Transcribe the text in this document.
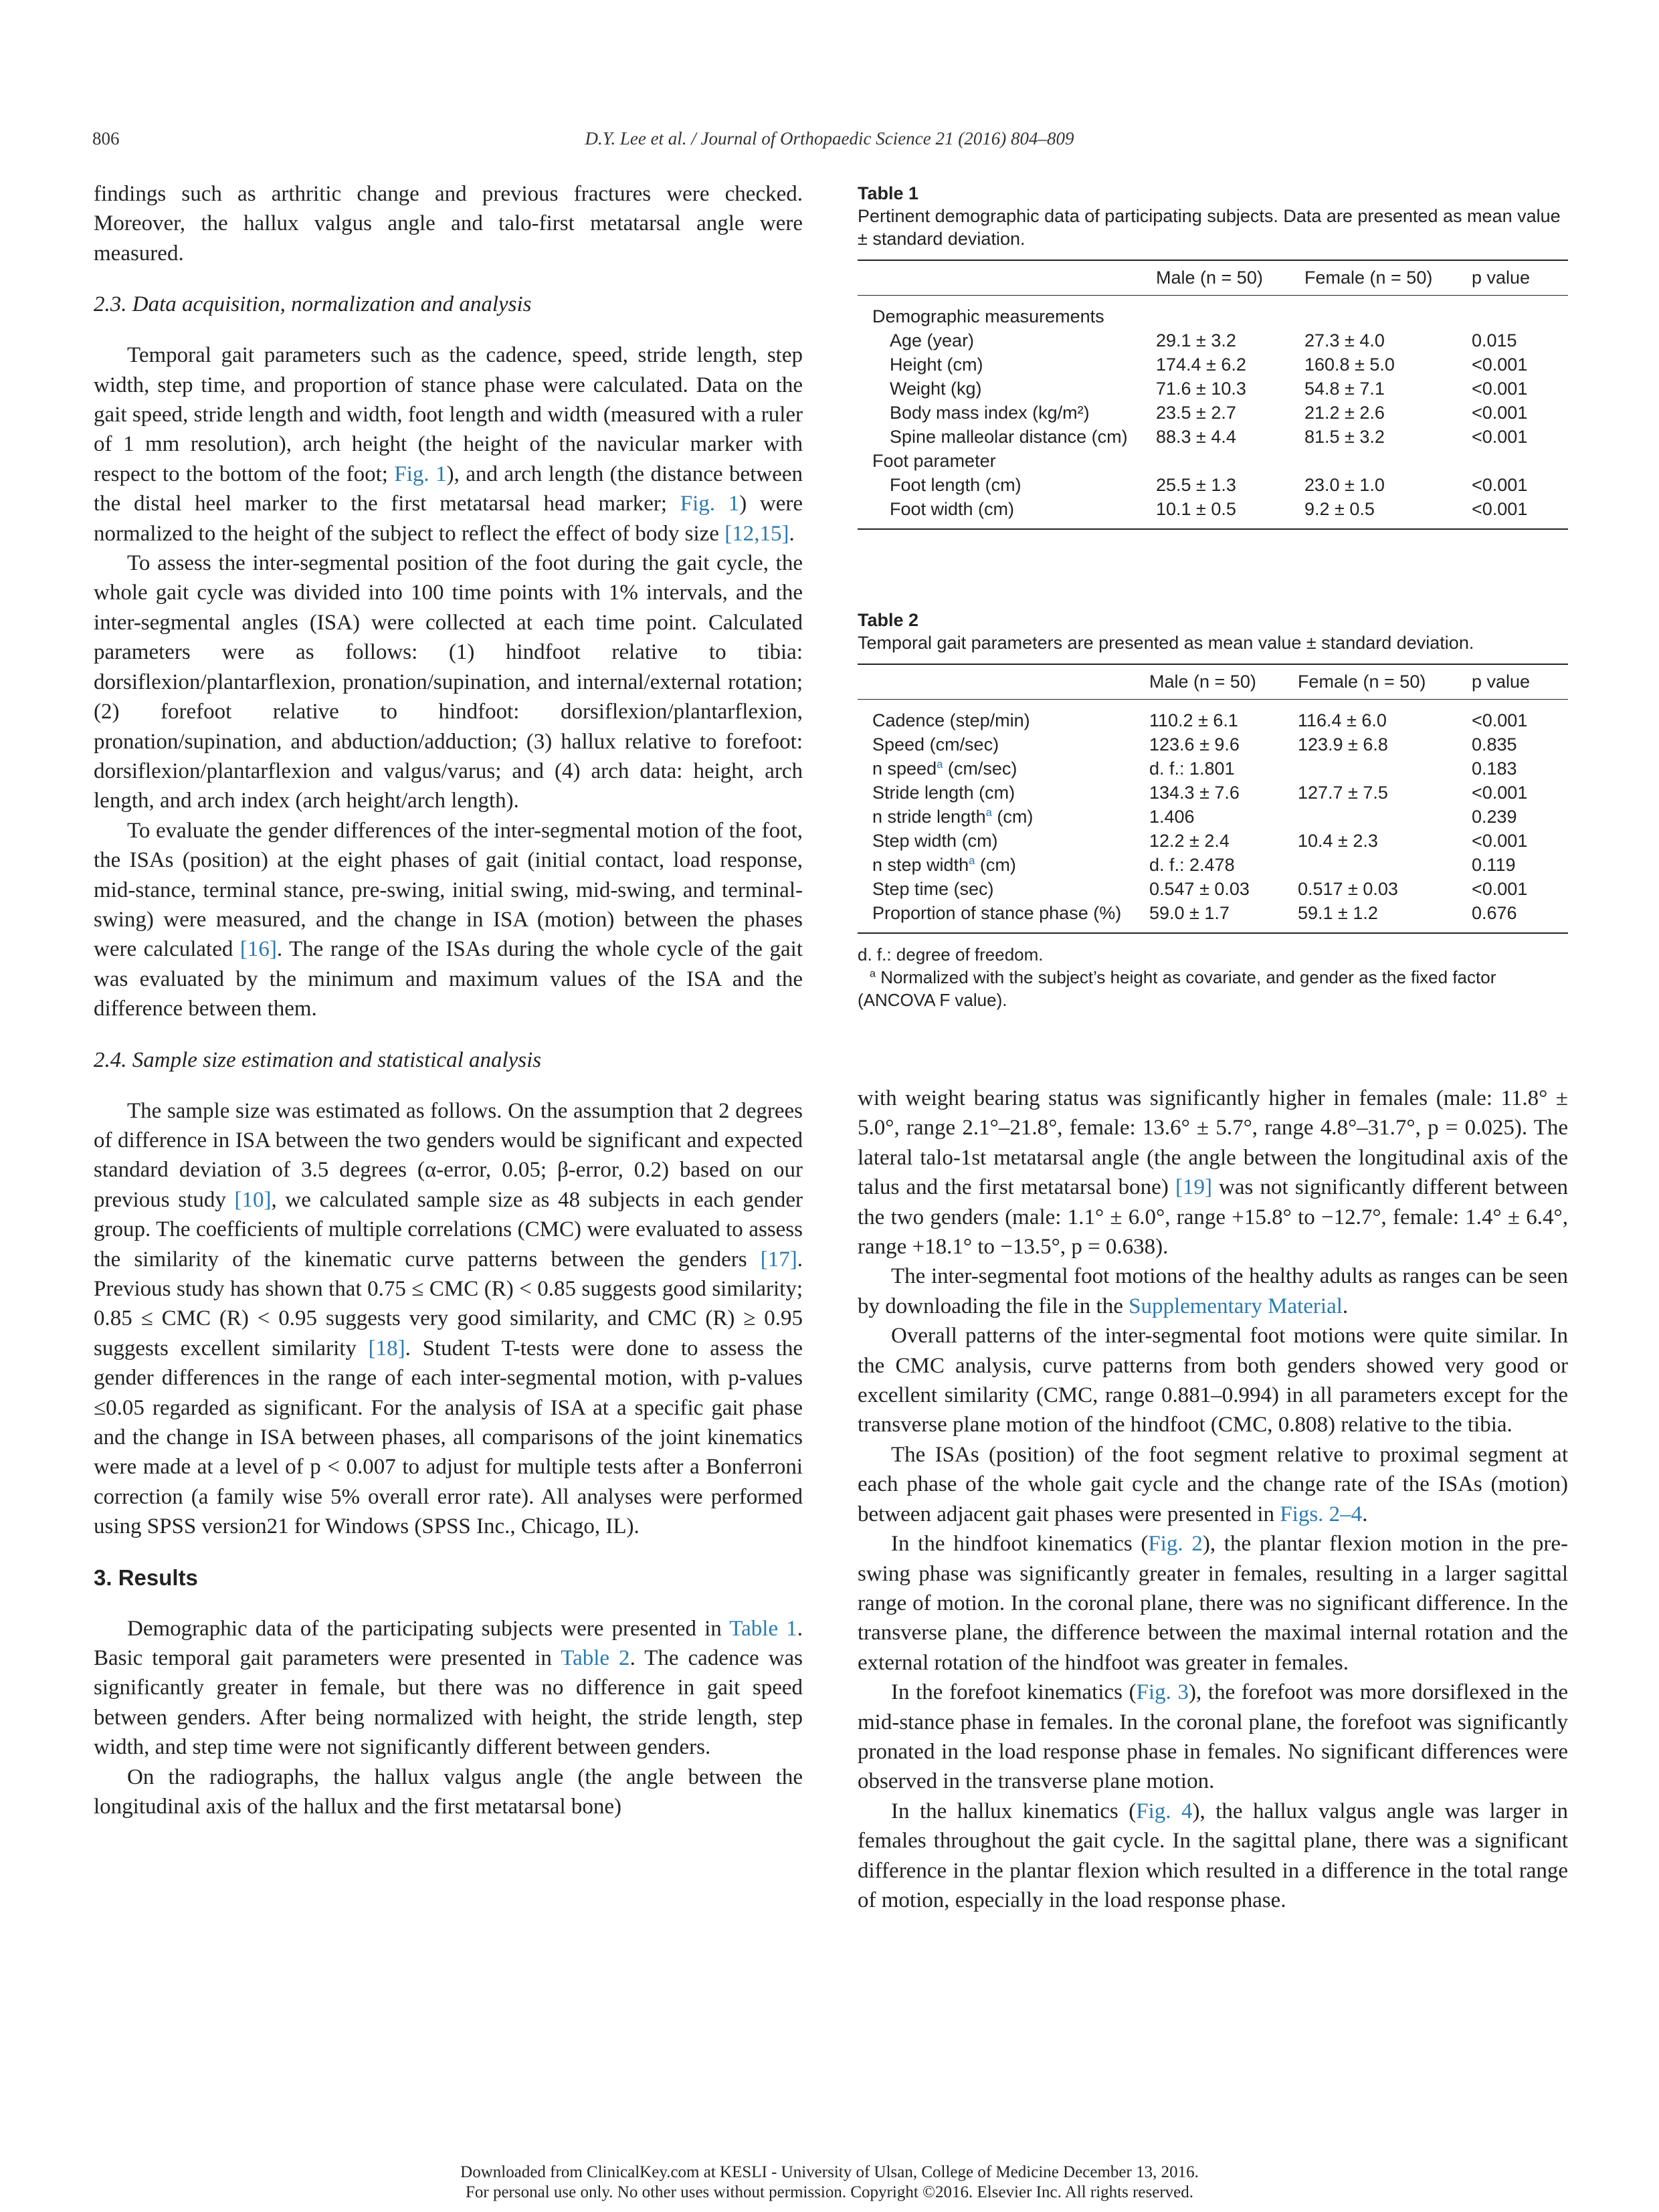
806	D.Y. Lee et al. / Journal of Orthopaedic Science 21 (2016) 804–809

findings such as arthritic change and previous fractures were checked. Moreover, the hallux valgus angle and talo-first metatarsal angle were measured.

2.3. Data acquisition, normalization and analysis

Temporal gait parameters such as the cadence, speed, stride length, step width, step time, and proportion of stance phase were calculated. Data on the gait speed, stride length and width, foot length and width (measured with a ruler of 1 mm resolution), arch height (the height of the navicular marker with respect to the bottom of the foot; Fig. 1), and arch length (the distance between the distal heel marker to the first metatarsal head marker; Fig. 1) were normalized to the height of the subject to reflect the effect of body size [12,15].

To assess the inter-segmental position of the foot during the gait cycle, the whole gait cycle was divided into 100 time points with 1% intervals, and the inter-segmental angles (ISA) were collected at each time point. Calculated parameters were as follows: (1) hindfoot relative to tibia: dorsiflexion/plantarflexion, pronation/supination, and internal/external rotation; (2) forefoot relative to hindfoot: dorsiflexion/plantarflexion, pronation/supination, and abduction/adduction; (3) hallux relative to forefoot: dorsiflexion/​plantarflexion and valgus/varus; and (4) arch data: height, arch length, and arch index (arch height/arch length).

To evaluate the gender differences of the inter-segmental motion of the foot, the ISAs (position) at the eight phases of gait (initial contact, load response, mid-stance, terminal stance, pre-swing, initial swing, mid-swing, and terminal-swing) were measured, and the change in ISA (motion) between the phases were calculated [16]. The range of the ISAs during the whole cycle of the gait was evaluated by the minimum and maximum values of the ISA and the difference between them.

2.4. Sample size estimation and statistical analysis

The sample size was estimated as follows. On the assumption that 2 degrees of difference in ISA between the two genders would be significant and expected standard deviation of 3.5 degrees (α-error, 0.05; β-error, 0.2) based on our previous study [10], we calculated sample size as 48 subjects in each gender group. The coefficients of multiple correlations (CMC) were evaluated to assess the similarity of the kinematic curve patterns between the genders [17]. Previous study has shown that 0.75 ≤ CMC (R) < 0.85 suggests good similarity; 0.85 ≤ CMC (R) < 0.95 suggests very good similarity, and CMC (R) ≥ 0.95 suggests excellent similarity [18]. Student T-tests were done to assess the gender differences in the range of each inter-segmental motion, with p-values ≤0.05 regarded as significant. For the analysis of ISA at a specific gait phase and the change in ISA between phases, all comparisons of the joint kinematics were made at a level of p < 0.007 to adjust for multiple tests after a Bonferroni correction (a family wise 5% overall error rate). All analyses were performed using SPSS version21 for Windows (SPSS Inc., Chicago, IL).

3. Results

Demographic data of the participating subjects were presented in Table 1. Basic temporal gait parameters were presented in Table 2. The cadence was significantly greater in female, but there was no difference in gait speed between genders. After being normalized with height, the stride length, step width, and step time were not significantly different between genders.

On the radiographs, the hallux valgus angle (the angle between the longitudinal axis of the hallux and the first metatarsal bone)

Table 1
Pertinent demographic data of participating subjects. Data are presented as mean value ± standard deviation.
	Male (n = 50)	Female (n = 50)	p value
Demographic measurements			
Age (year)	29.1 ± 3.2	27.3 ± 4.0	0.015
Height (cm)	174.4 ± 6.2	160.8 ± 5.0	<0.001
Weight (kg)	71.6 ± 10.3	54.8 ± 7.1	<0.001
Body mass index (kg/m²)	23.5 ± 2.7	21.2 ± 2.6	<0.001
Spine malleolar distance (cm)	88.3 ± 4.4	81.5 ± 3.2	<0.001
Foot parameter			
Foot length (cm)	25.5 ± 1.3	23.0 ± 1.0	<0.001
Foot width (cm)	10.1 ± 0.5	9.2 ± 0.5	<0.001
Table 2
Temporal gait parameters are presented as mean value ± standard deviation.
	Male (n = 50)	Female (n = 50)	p value
Cadence (step/min)	110.2 ± 6.1	116.4 ± 6.0	<0.001
Speed (cm/sec)	123.6 ± 9.6	123.9 ± 6.8	0.835
n speed$^a$ (cm/sec)	d. f.: 1.801		0.183
Stride length (cm)	134.3 ± 7.6	127.7 ± 7.5	<0.001
n stride length$^a$ (cm)	1.406		0.239
Step width (cm)	12.2 ± 2.4	10.4 ± 2.3	<0.001
n step width$^a$ (cm)	d. f.: 2.478		0.119
Step time (sec)	0.547 ± 0.03	0.517 ± 0.03	<0.001
Proportion of stance phase (%)	59.0 ± 1.7	59.1 ± 1.2	0.676
d. f.: degree of freedom.
$^a$ Normalized with the subject’s height as covariate, and gender as the fixed factor (ANCOVA F value).

with weight bearing status was significantly higher in females (male: 11.8° ± 5.0°, range 2.1°–21.8°, female: 13.6° ± 5.7°, range 4.8°–31.7°, p = 0.025). The lateral talo-1st metatarsal angle (the angle between the longitudinal axis of the talus and the first metatarsal bone) [19] was not significantly different between the two genders (male: 1.1° ± 6.0°, range +15.8° to −12.7°, female: 1.4° ± 6.4°, range +18.1° to −13.5°, p = 0.638).

The inter-segmental foot motions of the healthy adults as ranges can be seen by downloading the file in the Supplementary Material.

Overall patterns of the inter-segmental foot motions were quite similar. In the CMC analysis, curve patterns from both genders showed very good or excellent similarity (CMC, range 0.881–0.994) in all parameters except for the transverse plane motion of the hindfoot (CMC, 0.808) relative to the tibia.

The ISAs (position) of the foot segment relative to proximal segment at each phase of the whole gait cycle and the change rate of the ISAs (motion) between adjacent gait phases were presented in Figs. 2–4.

In the hindfoot kinematics (Fig. 2), the plantar flexion motion in the pre-swing phase was significantly greater in females, resulting in a larger sagittal range of motion. In the coronal plane, there was no significant difference. In the transverse plane, the difference between the maximal internal rotation and the external rotation of the hindfoot was greater in females.

In the forefoot kinematics (Fig. 3), the forefoot was more dorsiflexed in the mid-stance phase in females. In the coronal plane, the forefoot was significantly pronated in the load response phase in females. No significant differences were observed in the transverse plane motion.

In the hallux kinematics (Fig. 4), the hallux valgus angle was larger in females throughout the gait cycle. In the sagittal plane, there was a significant difference in the plantar flexion which resulted in a difference in the total range of motion, especially in the load response phase.

Downloaded from ClinicalKey.com at KESLI - University of Ulsan, College of Medicine December 13, 2016.
For personal use only. No other uses without permission. Copyright ©2016. Elsevier Inc. All rights reserved.
